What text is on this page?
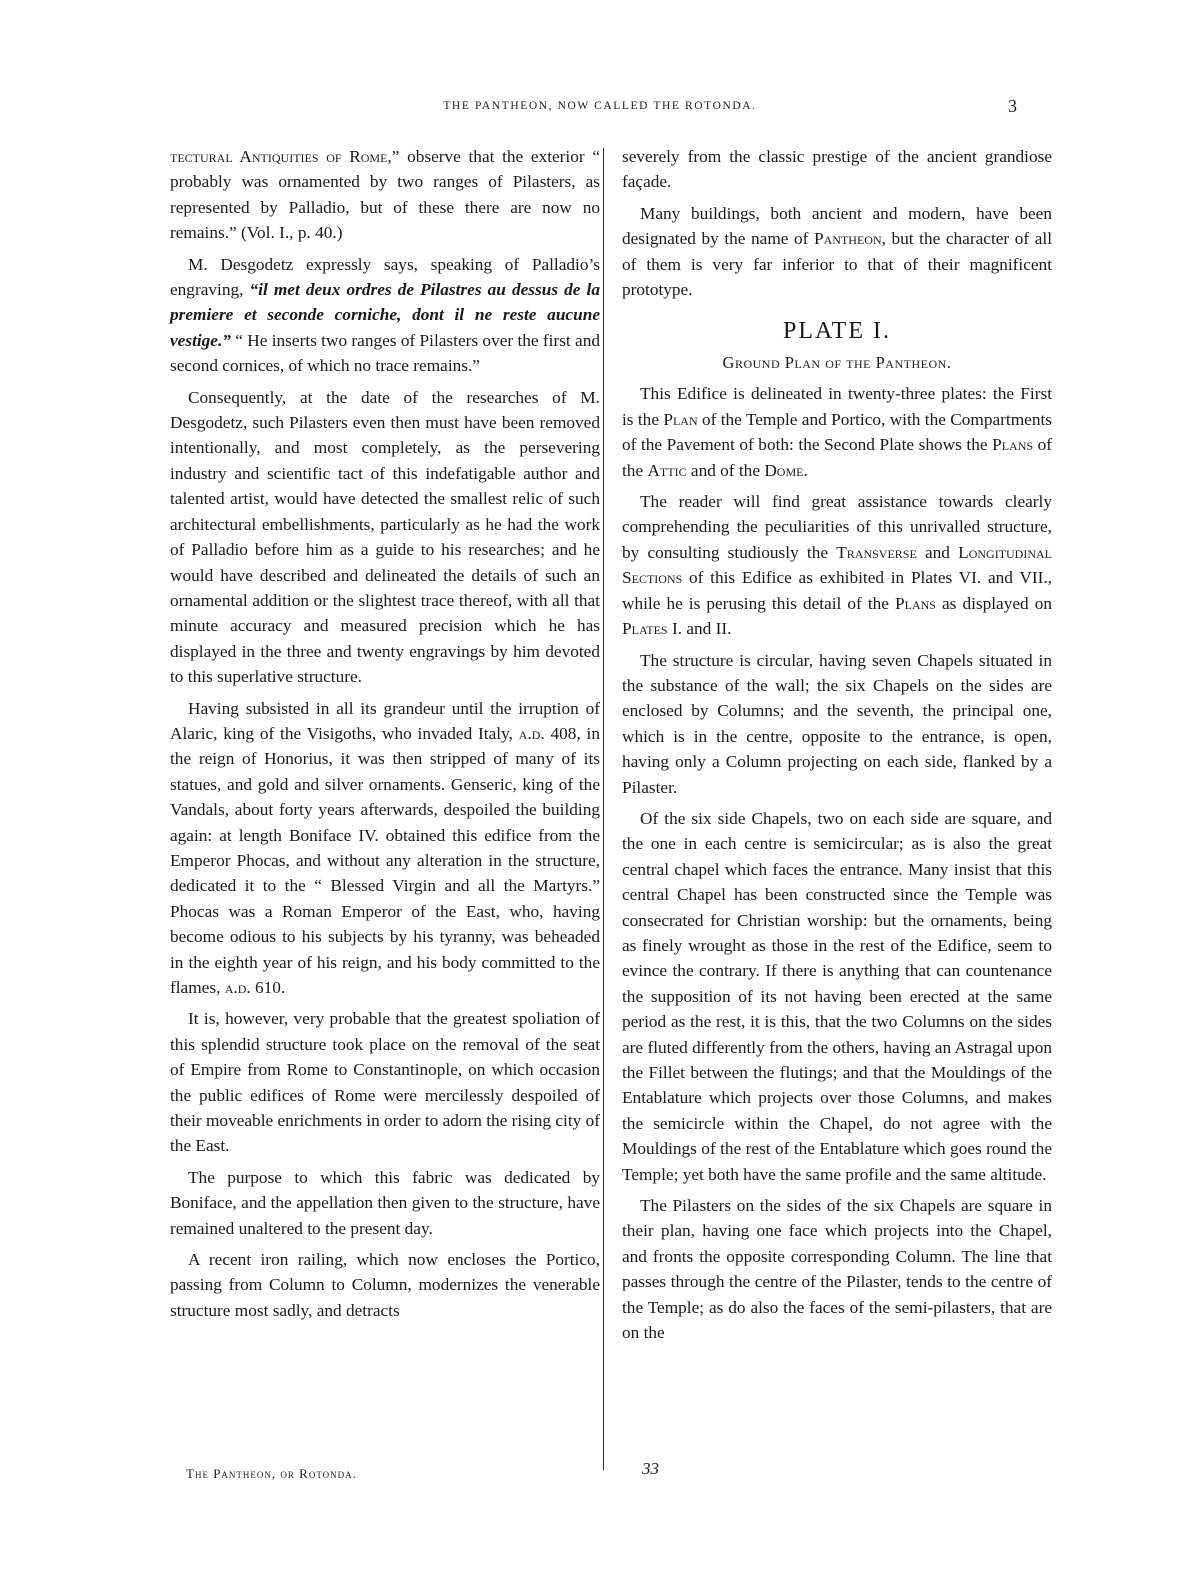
THE PANTHEON, NOW CALLED THE ROTONDA.	3

tectural Antiquities of Rome,” observe that the exterior “ probably was ornamented by two ranges of Pilasters, as represented by Palladio, but of these there are now no remains.” (Vol. I., p. 40.)

M. Desgodetz expressly says, speaking of Palladio’s engraving, “il met deux ordres de Pilastres au dessus de la premiere et seconde corniche, dont il ne reste aucune vestige.” “ He inserts two ranges of Pilasters over the first and second cornices, of which no trace remains.”

Consequently, at the date of the researches of M. Desgodetz, such Pilasters even then must have been removed intentionally, and most completely, as the persevering industry and scientific tact of this indefatigable author and talented artist, would have detected the smallest relic of such architectural embellishments, particularly as he had the work of Palladio before him as a guide to his researches; and he would have described and delineated the details of such an ornamental addition or the slightest trace thereof, with all that minute accuracy and measured precision which he has displayed in the three and twenty engravings by him devoted to this superlative structure.

Having subsisted in all its grandeur until the irruption of Alaric, king of the Visigoths, who invaded Italy, a.d. 408, in the reign of Honorius, it was then stripped of many of its statues, and gold and silver ornaments. Genseric, king of the Vandals, about forty years afterwards, despoiled the building again: at length Boniface IV. obtained this edifice from the Emperor Phocas, and without any alteration in the structure, dedicated it to the “ Blessed Virgin and all the Martyrs.” Phocas was a Roman Emperor of the East, who, having become odious to his subjects by his tyranny, was beheaded in the eighth year of his reign, and his body committed to the flames, a.d. 610.

It is, however, very probable that the greatest spoliation of this splendid structure took place on the removal of the seat of Empire from Rome to Constantinople, on which occasion the public edifices of Rome were mercilessly despoiled of their moveable enrichments in order to adorn the rising city of the East.

The purpose to which this fabric was dedicated by Boniface, and the appellation then given to the structure, have remained unaltered to the present day.

A recent iron railing, which now encloses the Portico, passing from Column to Column, modernizes the venerable structure most sadly, and detracts

severely from the classic prestige of the ancient grandiose façade.

Many buildings, both ancient and modern, have been designated by the name of Pantheon, but the character of all of them is very far inferior to that of their magnificent prototype.

PLATE I.
Ground Plan of the Pantheon.

This Edifice is delineated in twenty-three plates: the First is the Plan of the Temple and Portico, with the Compartments of the Pavement of both: the Second Plate shows the Plans of the Attic and of the Dome.

The reader will find great assistance towards clearly comprehending the peculiarities of this unrivalled structure, by consulting studiously the Transverse and Longitudinal Sections of this Edifice as exhibited in Plates VI. and VII., while he is perusing this detail of the Plans as displayed on Plates I. and II.

The structure is circular, having seven Chapels situated in the substance of the wall; the six Chapels on the sides are enclosed by Columns; and the seventh, the principal one, which is in the centre, opposite to the entrance, is open, having only a Column projecting on each side, flanked by a Pilaster.

Of the six side Chapels, two on each side are square, and the one in each centre is semicircular; as is also the great central chapel which faces the entrance. Many insist that this central Chapel has been constructed since the Temple was consecrated for Christian worship: but the ornaments, being as finely wrought as those in the rest of the Edifice, seem to evince the contrary. If there is anything that can countenance the supposition of its not having been erected at the same period as the rest, it is this, that the two Columns on the sides are fluted differently from the others, having an Astragal upon the Fillet between the flutings; and that the Mouldings of the Entablature which projects over those Columns, and makes the semicircle within the Chapel, do not agree with the Mouldings of the rest of the Entablature which goes round the Temple; yet both have the same profile and the same altitude.

The Pilasters on the sides of the six Chapels are square in their plan, having one face which projects into the Chapel, and fronts the opposite corresponding Column. The line that passes through the centre of the Pilaster, tends to the centre of the Temple; as do also the faces of the semi-pilasters, that are on the

The Pantheon, or Rotonda.	33
